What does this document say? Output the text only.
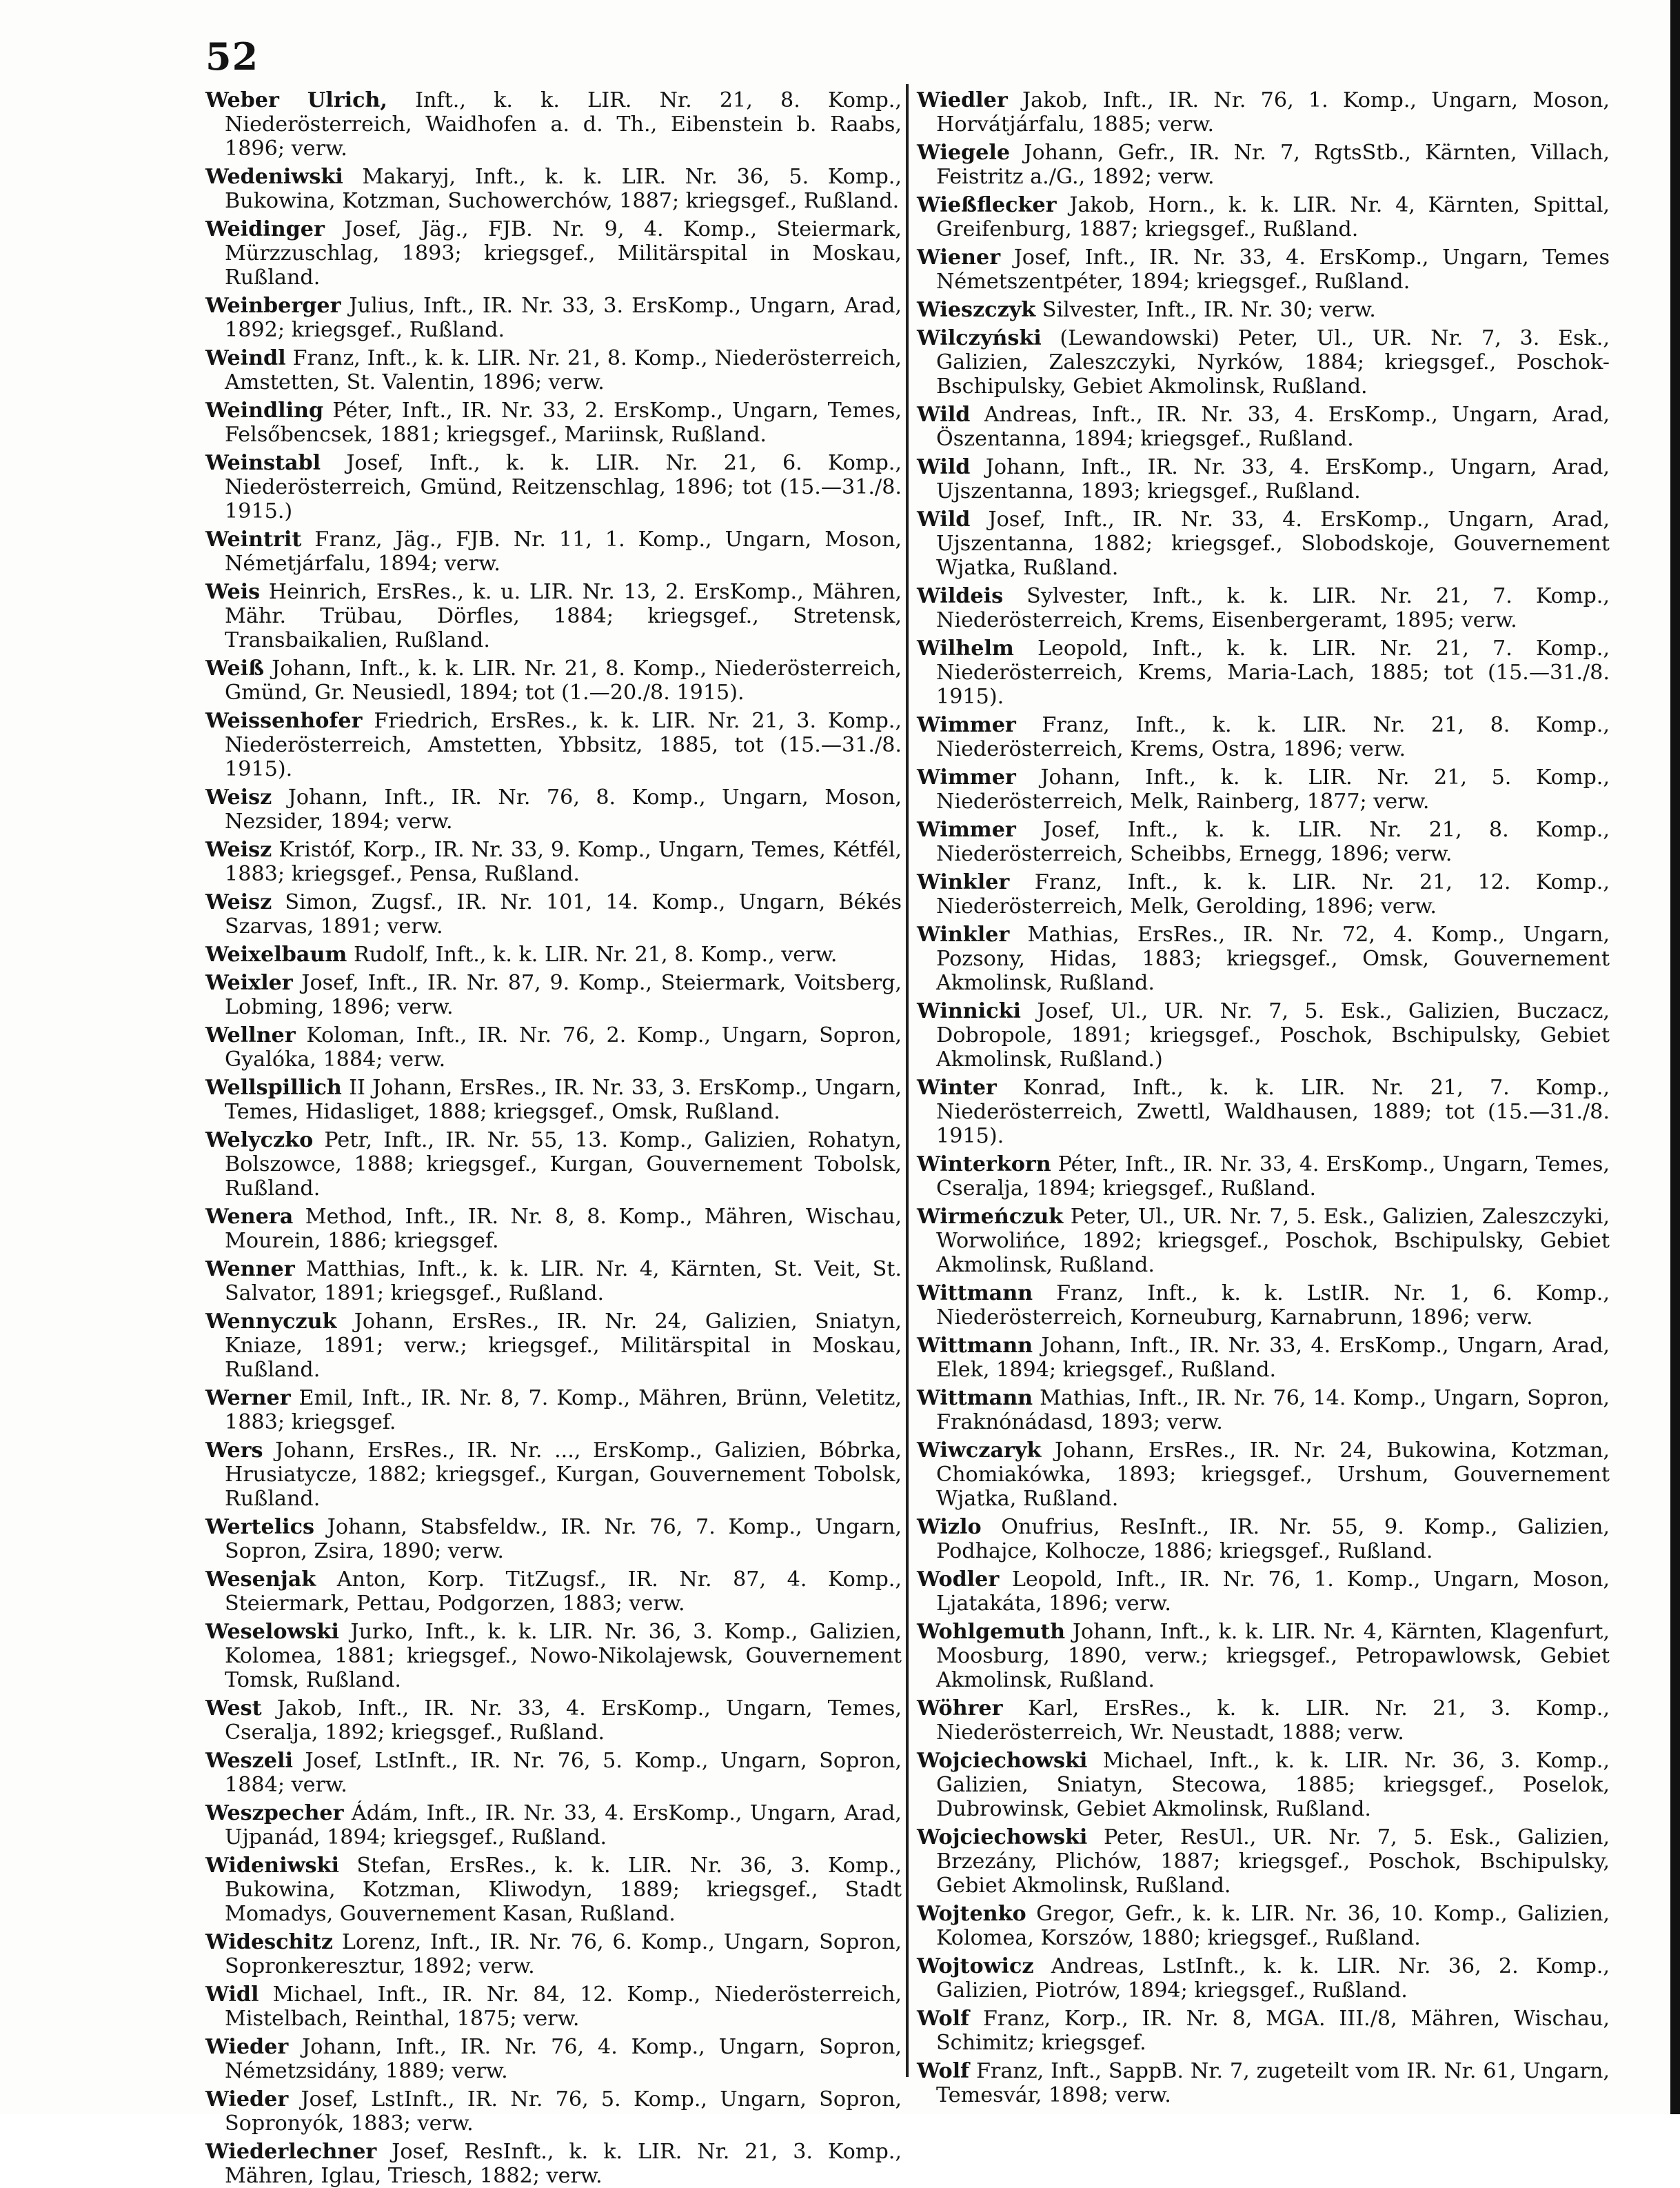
52

Weber Ulrich, Inft., k. k. LIR. Nr. 21, 8. Komp., Niederösterreich, Waidhofen a. d. Th., Eibenstein b. Raabs, 1896; verw.

Wedeniwski Makaryj, Inft., k. k. LIR. Nr. 36, 5. Komp., Bukowina, Kotzman, Suchowerchów, 1887; kriegsgef., Rußland.

Weidinger Josef, Jäg., FJB. Nr. 9, 4. Komp., Steiermark, Mürzzuschlag, 1893; kriegsgef., Militärspital in Moskau, Rußland.

Weinberger Julius, Inft., IR. Nr. 33, 3. ErsKomp., Ungarn, Arad, 1892; kriegsgef., Rußland.

Weindl Franz, Inft., k. k. LIR. Nr. 21, 8. Komp., Niederösterreich, Amstetten, St. Valentin, 1896; verw.

Weindling Péter, Inft., IR. Nr. 33, 2. ErsKomp., Ungarn, Temes, Felsőbencsek, 1881; kriegsgef., Mariinsk, Rußland.

Weinstabl Josef, Inft., k. k. LIR. Nr. 21, 6. Komp., Niederösterreich, Gmünd, Reitzenschlag, 1896; tot (15.—31./8. 1915.)

Weintrit Franz, Jäg., FJB. Nr. 11, 1. Komp., Ungarn, Moson, Németjárfalu, 1894; verw.

Weis Heinrich, ErsRes., k. u. LIR. Nr. 13, 2. ErsKomp., Mähren, Mähr. Trübau, Dörfles, 1884; kriegsgef., Stretensk, Transbaikalien, Rußland.

Weiß Johann, Inft., k. k. LIR. Nr. 21, 8. Komp., Niederösterreich, Gmünd, Gr. Neusiedl, 1894; tot (1.—20./8. 1915).

Weissenhofer Friedrich, ErsRes., k. k. LIR. Nr. 21, 3. Komp., Niederösterreich, Amstetten, Ybbsitz, 1885, tot (15.—31./8. 1915).

Weisz Johann, Inft., IR. Nr. 76, 8. Komp., Ungarn, Moson, Nezsider, 1894; verw.

Weisz Kristóf, Korp., IR. Nr. 33, 9. Komp., Ungarn, Temes, Kétfél, 1883; kriegsgef., Pensa, Rußland.

Weisz Simon, Zugsf., IR. Nr. 101, 14. Komp., Ungarn, Békés Szarvas, 1891; verw.

Weixelbaum Rudolf, Inft., k. k. LIR. Nr. 21, 8. Komp., verw.

Weixler Josef, Inft., IR. Nr. 87, 9. Komp., Steiermark, Voitsberg, Lobming, 1896; verw.

Wellner Koloman, Inft., IR. Nr. 76, 2. Komp., Ungarn, Sopron, Gyalóka, 1884; verw.

Wellspillich II Johann, ErsRes., IR. Nr. 33, 3. ErsKomp., Ungarn, Temes, Hidasliget, 1888; kriegsgef., Omsk, Rußland.

Welyczko Petr, Inft., IR. Nr. 55, 13. Komp., Galizien, Rohatyn, Bolszowce, 1888; kriegsgef., Kurgan, Gouvernement Tobolsk, Rußland.

Wenera Method, Inft., IR. Nr. 8, 8. Komp., Mähren, Wischau, Mourein, 1886; kriegsgef.

Wenner Matthias, Inft., k. k. LIR. Nr. 4, Kärnten, St. Veit, St. Salvator, 1891; kriegsgef., Rußland.

Wennyczuk Johann, ErsRes., IR. Nr. 24, Galizien, Sniatyn, Kniaze, 1891; verw.; kriegsgef., Militärspital in Moskau, Rußland.

Werner Emil, Inft., IR. Nr. 8, 7. Komp., Mähren, Brünn, Veletitz, 1883; kriegsgef.

Wers Johann, ErsRes., IR. Nr. ..., ErsKomp., Galizien, Bóbrka, Hrusiatycze, 1882; kriegsgef., Kurgan, Gouvernement Tobolsk, Rußland.

Wertelics Johann, Stabsfeldw., IR. Nr. 76, 7. Komp., Ungarn, Sopron, Zsira, 1890; verw.

Wesenjak Anton, Korp. TitZugsf., IR. Nr. 87, 4. Komp., Steiermark, Pettau, Podgorzen, 1883; verw.

Weselowski Jurko, Inft., k. k. LIR. Nr. 36, 3. Komp., Galizien, Kolomea, 1881; kriegsgef., Nowo-Nikolajewsk, Gouvernement Tomsk, Rußland.

West Jakob, Inft., IR. Nr. 33, 4. ErsKomp., Ungarn, Temes, Cseralja, 1892; kriegsgef., Rußland.

Weszeli Josef, LstInft., IR. Nr. 76, 5. Komp., Ungarn, Sopron, 1884; verw.

Weszpecher Ádám, Inft., IR. Nr. 33, 4. ErsKomp., Ungarn, Arad, Ujpanád, 1894; kriegsgef., Rußland.

Wideniwski Stefan, ErsRes., k. k. LIR. Nr. 36, 3. Komp., Bukowina, Kotzman, Kliwodyn, 1889; kriegsgef., Stadt Momadys, Gouvernement Kasan, Rußland.

Wideschitz Lorenz, Inft., IR. Nr. 76, 6. Komp., Ungarn, Sopron, Sopronkeresztur, 1892; verw.

Widl Michael, Inft., IR. Nr. 84, 12. Komp., Niederösterreich, Mistelbach, Reinthal, 1875; verw.

Wieder Johann, Inft., IR. Nr. 76, 4. Komp., Ungarn, Sopron, Németzsidány, 1889; verw.

Wieder Josef, LstInft., IR. Nr. 76, 5. Komp., Ungarn, Sopron, Sopronyók, 1883; verw.

Wiederlechner Josef, ResInft., k. k. LIR. Nr. 21, 3. Komp., Mähren, Iglau, Triesch, 1882; verw.

Wiedler Jakob, Inft., IR. Nr. 76, 1. Komp., Ungarn, Moson, Horvátjárfalu, 1885; verw.

Wiegele Johann, Gefr., IR. Nr. 7, RgtsStb., Kärnten, Villach, Feistritz a./G., 1892; verw.

Wießflecker Jakob, Horn., k. k. LIR. Nr. 4, Kärnten, Spittal, Greifenburg, 1887; kriegsgef., Rußland.

Wiener Josef, Inft., IR. Nr. 33, 4. ErsKomp., Ungarn, Temes Németszentpéter, 1894; kriegsgef., Rußland.

Wieszczyk Silvester, Inft., IR. Nr. 30; verw.

Wilczyński (Lewandowski) Peter, Ul., UR. Nr. 7, 3. Esk., Galizien, Zaleszczyki, Nyrków, 1884; kriegsgef., Poschok-Bschipulsky, Gebiet Akmolinsk, Rußland.

Wild Andreas, Inft., IR. Nr. 33, 4. ErsKomp., Ungarn, Arad, Öszentanna, 1894; kriegsgef., Rußland.

Wild Johann, Inft., IR. Nr. 33, 4. ErsKomp., Ungarn, Arad, Ujszentanna, 1893; kriegsgef., Rußland.

Wild Josef, Inft., IR. Nr. 33, 4. ErsKomp., Ungarn, Arad, Ujszentanna, 1882; kriegsgef., Slobodskoje, Gouvernement Wjatka, Rußland.

Wildeis Sylvester, Inft., k. k. LIR. Nr. 21, 7. Komp., Niederösterreich, Krems, Eisenbergeramt, 1895; verw.

Wilhelm Leopold, Inft., k. k. LIR. Nr. 21, 7. Komp., Niederösterreich, Krems, Maria-Lach, 1885; tot (15.—31./8. 1915).

Wimmer Franz, Inft., k. k. LIR. Nr. 21, 8. Komp., Niederösterreich, Krems, Ostra, 1896; verw.

Wimmer Johann, Inft., k. k. LIR. Nr. 21, 5. Komp., Niederösterreich, Melk, Rainberg, 1877; verw.

Wimmer Josef, Inft., k. k. LIR. Nr. 21, 8. Komp., Niederösterreich, Scheibbs, Ernegg, 1896; verw.

Winkler Franz, Inft., k. k. LIR. Nr. 21, 12. Komp., Niederösterreich, Melk, Gerolding, 1896; verw.

Winkler Mathias, ErsRes., IR. Nr. 72, 4. Komp., Ungarn, Pozsony, Hidas, 1883; kriegsgef., Omsk, Gouvernement Akmolinsk, Rußland.

Winnicki Josef, Ul., UR. Nr. 7, 5. Esk., Galizien, Buczacz, Dobropole, 1891; kriegsgef., Poschok, Bschipulsky, Gebiet Akmolinsk, Rußland.)

Winter Konrad, Inft., k. k. LIR. Nr. 21, 7. Komp., Niederösterreich, Zwettl, Waldhausen, 1889; tot (15.—31./8. 1915).

Winterkorn Péter, Inft., IR. Nr. 33, 4. ErsKomp., Ungarn, Temes, Cseralja, 1894; kriegsgef., Rußland.

Wirmeńczuk Peter, Ul., UR. Nr. 7, 5. Esk., Galizien, Zaleszczyki, Worwolińce, 1892; kriegsgef., Poschok, Bschipulsky, Gebiet Akmolinsk, Rußland.

Wittmann Franz, Inft., k. k. LstIR. Nr. 1, 6. Komp., Niederösterreich, Korneuburg, Karnabrunn, 1896; verw.

Wittmann Johann, Inft., IR. Nr. 33, 4. ErsKomp., Ungarn, Arad, Elek, 1894; kriegsgef., Rußland.

Wittmann Mathias, Inft., IR. Nr. 76, 14. Komp., Ungarn, Sopron, Fraknónádasd, 1893; verw.

Wiwczaryk Johann, ErsRes., IR. Nr. 24, Bukowina, Kotzman, Chomiakówka, 1893; kriegsgef., Urshum, Gouvernement Wjatka, Rußland.

Wizlo Onufrius, ResInft., IR. Nr. 55, 9. Komp., Galizien, Podhajce, Kolhocze, 1886; kriegsgef., Rußland.

Wodler Leopold, Inft., IR. Nr. 76, 1. Komp., Ungarn, Moson, Ljatakáta, 1896; verw.

Wohlgemuth Johann, Inft., k. k. LIR. Nr. 4, Kärnten, Klagenfurt, Moosburg, 1890, verw.; kriegsgef., Petropawlowsk, Gebiet Akmolinsk, Rußland.

Wöhrer Karl, ErsRes., k. k. LIR. Nr. 21, 3. Komp., Niederösterreich, Wr. Neustadt, 1888; verw.

Wojciechowski Michael, Inft., k. k. LIR. Nr. 36, 3. Komp., Galizien, Sniatyn, Stecowa, 1885; kriegsgef., Poselok, Dubrowinsk, Gebiet Akmolinsk, Rußland.

Wojciechowski Peter, ResUl., UR. Nr. 7, 5. Esk., Galizien, Brzezány, Plichów, 1887; kriegsgef., Poschok, Bschipulsky, Gebiet Akmolinsk, Rußland.

Wojtenko Gregor, Gefr., k. k. LIR. Nr. 36, 10. Komp., Galizien, Kolomea, Korszów, 1880; kriegsgef., Rußland.

Wojtowicz Andreas, LstInft., k. k. LIR. Nr. 36, 2. Komp., Galizien, Piotrów, 1894; kriegsgef., Rußland.

Wolf Franz, Korp., IR. Nr. 8, MGA. III./8, Mähren, Wischau, Schimitz; kriegsgef.

Wolf Franz, Inft., SappB. Nr. 7, zugeteilt vom IR. Nr. 61, Ungarn, Temesvár, 1898; verw.
